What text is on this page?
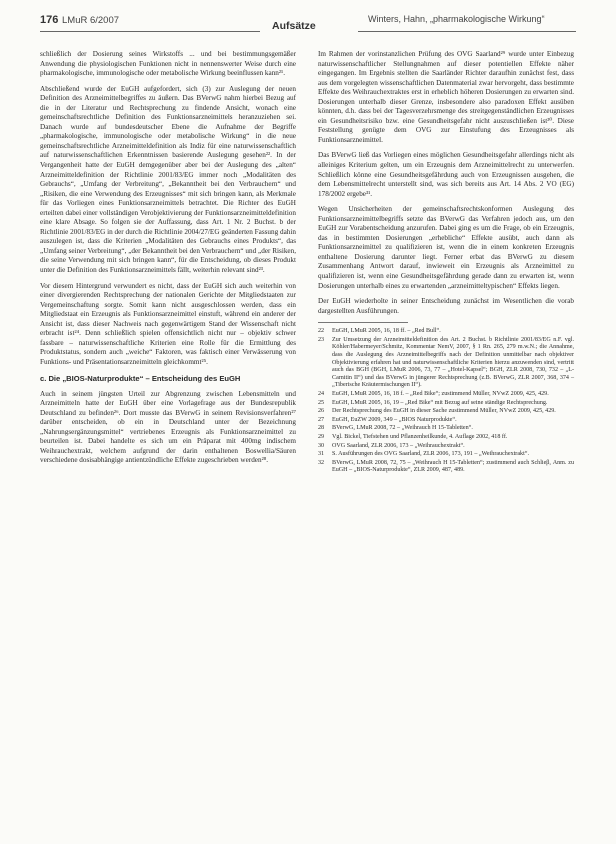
176 LMuR 6/2007	Aufsätze
Winters, Hahn, „pharmakologische Wirkung“

schließlich der Dosierung seines Wirkstoffs ... und bei bestimmungsgemäßer Anwendung die physiologischen Funktionen nicht in nennenswerter Weise durch eine pharmakologische, immunologische oder metabolische Wirkung beeinflussen kann²¹.

Abschließend wurde der EuGH aufgefordert, sich (3) zur Auslegung der neuen Definition des Arzneimittelbegriffes zu äußern. Das BVerwG nahm hierbei Bezug auf die in der Literatur und Rechtsprechung zu findende Ansicht, wonach eine gemeinschaftsrechtliche Definition des Funktionsarzneimittels heranzuziehen sei. Danach wurde auf bundesdeutscher Ebene die Aufnahme der Begriffe „pharmakologische, immunologische oder metabolische Wirkung“ in die neue gemeinschaftsrechtliche Arzneimitteldefinition als Indiz für eine naturwissenschaftlich auf naturwissenschaftlichen Erkenntnissen basierende Auslegung gesehen²². In der Vergangenheit hatte der EuGH demgegenüber aber bei der Auslegung des „alten“ Arzneimitteldefinition der Richtlinie 2001/83/EG immer noch „Modalitäten des Gebrauchs“, „Umfang der Verbreitung“, „Bekanntheit bei den Verbrauchern“ und „Risiken, die eine Verwendung des Erzeugnisses“ mit sich bringen kann, als Merkmale für das Vorliegen eines Funktionsarzneimittels betrachtet. Die Richter des EuGH erteilten dabei einer vollständigen Verobjektivierung der Funktionsarzneimitteldefinition eine klare Absage. So folgen sie der Auffassung, dass Art. 1 Nr. 2 Buchst. b der Richtlinie 2001/83/EG in der durch die Richtlinie 2004/27/EG geänderten Fassung dahin auszulegen ist, dass die Kriterien „Modalitäten des Gebrauchs eines Produkts“, das „Umfang seiner Verbreitung“, „der Bekanntheit bei den Verbrauchern“ und „der Risiken, die seine Verwendung mit sich bringen kann“, für die Entscheidung, ob dieses Produkt unter die Definition des Funktionsarzneimittels fällt, weiterhin relevant sind²³.

Vor diesem Hintergrund verwundert es nicht, dass der EuGH sich auch weiterhin von einer divergierenden Rechtsprechung der nationalen Gerichte der Mitgliedstaaten zur Vergemeinschaftung sorgte. Somit kann nicht ausgeschlossen werden, dass ein Mitgliedstaat ein Erzeugnis als Funktionsarzneimittel einstuft, während ein anderer der Ansicht ist, dass dieser Nachweis nach gegenwärtigem Stand der Wissenschaft nicht erbracht ist²⁴. Denn schließlich spielen offensichtlich nicht nur – objektiv schwer fassbare – naturwissenschaftliche Kriterien eine Rolle für die Ermittlung des Produktstatus, sondern auch „weiche“ Faktoren, was faktisch einer Verwässerung von Funktions- und Präsentationsarzneimitteln gleichkommt²⁵.

c. Die „BIOS-Naturprodukte“ – Entscheidung des EuGH

Auch in seinem jüngsten Urteil zur Abgrenzung zwischen Lebensmitteln und Arzneimitteln hatte der EuGH über eine Vorlagefrage aus der Bundesrepublik Deutschland zu befinden²⁶. Dort musste das BVerwG in seinem Revisionsverfahren²⁷ darüber entscheiden, ob ein in Deutschland unter der Bezeichnung „Nahrungsergänzungsmittel“ vertriebenes Erzeugnis als Funktionsarzneimittel zu beurteilen ist. Dabei handelte es sich um ein Präparat mit 400mg indischem Weihrauchextrakt, welchem aufgrund der darin enthaltenen Boswellia/Säuren verschiedene dosisabhängige antientzündliche Effekte zugeschrieben werden²⁸.

Im Rahmen der vorinstanzlichen Prüfung des OVG Saarland²⁹ wurde unter Einbezug naturwissenschaftlicher Stellungnahmen auf dieser potentiellen Effekte näher eingegangen. Im Ergebnis stellten die Saarländer Richter daraufhin zunächst fest, dass aus dem vorgelegten wissenschaftlichen Datenmaterial zwar hervorgeht, dass bestimmte Effekte des Weihrauchextraktes erst in erheblich höheren Dosierungen zu erwarten sind. Dosierungen unterhalb dieser Grenze, insbesondere also paradoxen Effekt ausüben könnten, d.h. dass bei der Tagesverzehrsmenge des streitgegenständlichen Erzeugnisses ein Gesundheitsrisiko bzw. eine Gesundheitsgefahr nicht auszuschließen ist³⁰. Diese Feststellung genügte dem OVG zur Einstufung des Erzeugnisses als Funktionsarzneimittel.

Das BVerwG ließ das Vorliegen eines möglichen Gesundheitsgefahr allerdings nicht als alleiniges Kriterium gelten, um ein Erzeugnis dem Arzneimittelrecht zu unterwerfen. Schließlich könne eine Gesundheitsgefährdung auch von Erzeugnissen ausgehen, die dem Lebensmittelrecht unterstellt sind, was sich bereits aus Art. 14 Abs. 2 VO (EG) 178/2002 ergebe³¹.

Wegen Unsicherheiten der gemeinschaftsrechtskonformen Auslegung des Funktionsarzneimittelbegriffs setzte das BVerwG das Verfahren jedoch aus, um den EuGH zur Vorabentscheidung anzurufen. Dabei ging es um die Frage, ob ein Erzeugnis, das in bestimmten Dosierungen „erhebliche“ Effekte ausübt, auch dann als Funktionsarzneimittel zu qualifizieren ist, wenn die in einem konkreten Erzeugnis enthaltene Dosierung darunter liegt. Ferner erbat das BVerwG zu diesem Zusammenhang Antwort darauf, inwieweit ein Erzeugnis als Arzneimittel zu qualifizieren ist, wenn eine Gesundheitsgefährdung gerade dann zu erwarten ist, wenn Dosierungen unterhalb eines zu erwartenden „arzneimitteltypischen“ Effekts liegen.

Der EuGH wiederholte in seiner Entscheidung zunächst im Wesentlichen die vorab dargestellten Ausführungen.

22	EuGH, LMuR 2005, 16, 18 ff. – „Red Bull“.
23	Zur Umsetzung der Arzneimitteldefinition des Art. 2 Buchst. b Richtlinie 2001/83/EG n.F. vgl. Köhler/Habermeyer/Schmitz, Kommentar NemV, 2007, § 1 Rn. 265, 279 m.w.N.; die Annahme, dass die Auslegung des Arzneimittelbegriffs nach der Definition unmittelbar nach objektiver Objektivierung erfahren hat und naturwissenschaftliche Kriterien hierzu anzuwenden sind, vertritt auch das BGH (BGH, LMuR 2006, 73, 77 – „Hotel-Kapsel“; BGH, ZLR 2008, 730, 732 – „L-Carnitin II“) und das BVerwG in jüngerer Rechtsprechung (z.B. BVerwG, ZLR 2007, 368, 374 – „Tiberische Kräutermischungen II“).
24	EuGH, LMuR 2005, 16, 18 f. – „Red Bike“; zustimmend Müller, NVwZ 2009, 425, 429.
25	EuGH, LMuR 2005, 16, 19 – „Red Bike“ mit Bezug auf seine ständige Rechtsprechung.
26	Der Rechtsprechung des EuGH in dieser Sache zustimmend Müller, NVwZ 2009, 425, 429.
27	EuGH, EuZW 2009, 349 – „BIOS Naturprodukte“.
28	BVerwG, LMuR 2008, 72 – „Weihrauch H 15-Tabletten“.
29	Vgl. Bickel, Tiefstehen und Pflanzenheilkunde, 4. Auflage 2002, 418 ff.
30	OVG Saarland, ZLR 2006, 173 – „Weihrauchextrakt“.
31	S. Ausführungen des OVG Saarland, ZLR 2006, 173, 191 – „Weihrauchextrakt“.
32	BVerwG, LMuR 2008, 72, 75 – „Weihrauch H 15-Tabletten“; zustimmend auch Schlieβ, Anm. zu EuGH – „BIOS-Naturprodukte“, ZLR 2009, 487, 489.
